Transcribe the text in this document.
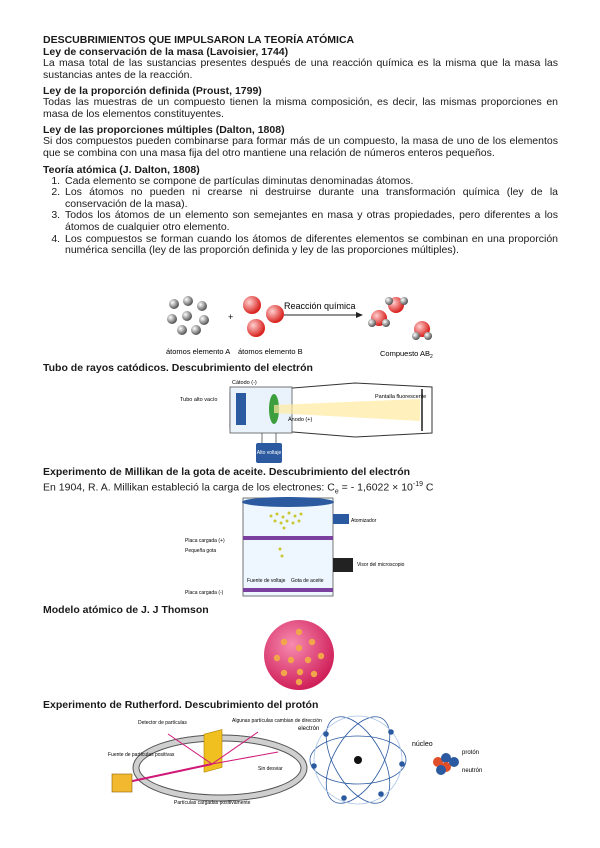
DESCUBRIMIENTOS QUE IMPULSARON LA TEORÍA ATÓMICA

Ley de conservación de la masa (Lavoisier, 1744)

La masa total de las sustancias presentes después de una reacción química es la misma que la masa las sustancias antes de la reacción.

Ley de la proporción definida (Proust, 1799)

Todas las muestras de un compuesto tienen la misma composición, es decir, las mismas proporciones en masa de los elementos constituyentes.

Ley de las proporciones múltiples (Dalton, 1808)

Si dos compuestos pueden combinarse para formar más de un compuesto, la masa de uno de los elementos que se combina con una masa fija del otro mantiene una relación de números enteros pequeños.

Teoría atómica (J. Dalton, 1808)

1. Cada elemento se compone de partículas diminutas denominadas átomos.
2. Los átomos no pueden ni crearse ni destruirse durante una transformación química (ley de la conservación de la masa).
3. Todos los átomos de un elemento son semejantes en masa y otras propiedades, pero diferentes a los átomos de cualquier otro elemento.
4. Los compuestos se forman cuando los átomos de diferentes elementos se combinan en una proporción numérica sencilla (ley de las proporción definida y ley de las proporciones múltiples).
+
Reacción química
átomos elemento A átomos elemento B	Compuesto $AB_2$

Tubo de rayos catódicos. Descubrimiento del electrón

Cátodo (-)
Tubo alto vacío
Ánodo (+)
Pantalla fluorescente
Alto voltaje

Experimento de Millikan de la gota de aceite. Descubrimiento del electrón

En 1904, R. A. Millikan estableció la carga de los electrones: $C_e$ = - $1,6022 \times 10^{-19}$ C

Atomizador
Placa cargada (+)
Pequeña gota
Visor del microscopio
Fuente de voltaje Gota de aceite
Placa cargada (-)

Modelo atómico de J. J Thomson

Experimento de Rutherford. Descubrimiento del protón

Detector de partículas	Algunas partículas cambian de dirección
Fuente de partículas positivas
Partículas cargadas positivamente
Sin desviar
electrón
núcleo
protón
neutrón
